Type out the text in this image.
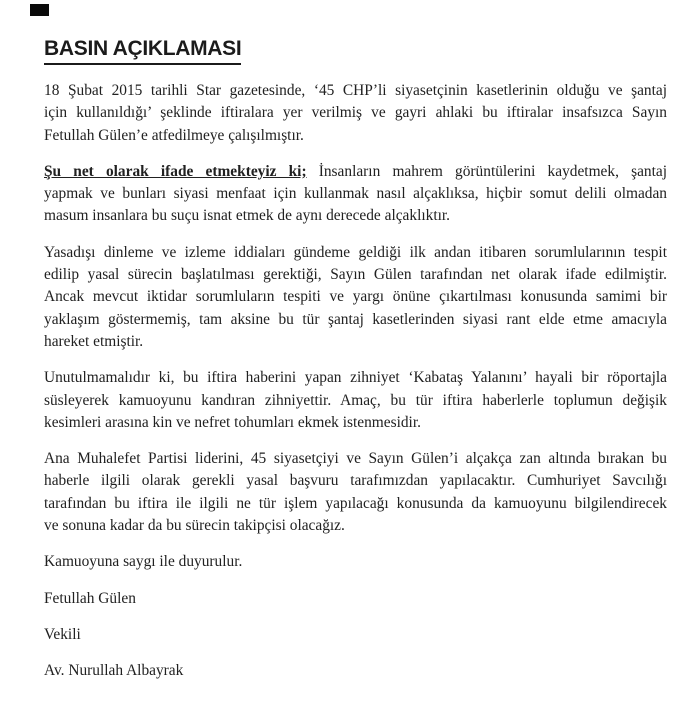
BASIN AÇIKLAMASI
18 Şubat 2015 tarihli Star gazetesinde, ‘45 CHP’li siyasetçinin kasetlerinin olduğu ve şantaj
için kullanıldığı’ şeklinde iftiralara yer verilmiş ve gayri ahlaki bu iftiralar insafsızca Sayın
Fetullah Gülen’e atfedilmeye çalışılmıştır.
Şu net olarak ifade etmekteyiz ki; İnsanların mahrem görüntülerini kaydetmek, şantaj
yapmak ve bunları siyasi menfaat için kullanmak nasıl alçaklıksa, hiçbir somut delili olmadan
masum insanlara bu suçu isnat etmek de aynı derecede alçaklıktır.
Yasadışı dinleme ve izleme iddiaları gündeme geldiği ilk andan itibaren sorumlularının tespit
edilip yasal sürecin başlatılması gerektiği, Sayın Gülen tarafından net olarak ifade edilmiştir.
Ancak mevcut iktidar sorumluların tespiti ve yargı önüne çıkartılması konusunda samimi bir
yaklaşım göstermemiş, tam aksine bu tür şantaj kasetlerinden siyasi rant elde etme amacıyla
hareket etmiştir.
Unutulmamalıdır ki, bu iftira haberini yapan zihniyet ‘Kabataş Yalanını’ hayali bir röportajla
süsleyerek kamuoyunu kandıran zihniyettir. Amaç, bu tür iftira haberlerle toplumun değişik
kesimleri arasına kin ve nefret tohumları ekmek istenmesidir.
Ana Muhalefet Partisi liderini, 45 siyasetçiyi ve Sayın Gülen’i alçakça zan altında bırakan bu
haberle ilgili olarak gerekli yasal başvuru tarafımızdan yapılacaktır. Cumhuriyet Savcılığı
tarafından bu iftira ile ilgili ne tür işlem yapılacağı konusunda da kamuoyunu bilgilendirecek
ve sonuna kadar da bu sürecin takipçisi olacağız.
Kamuoyuna saygı ile duyurulur.
Fetullah Gülen
Vekili
Av. Nurullah Albayrak
